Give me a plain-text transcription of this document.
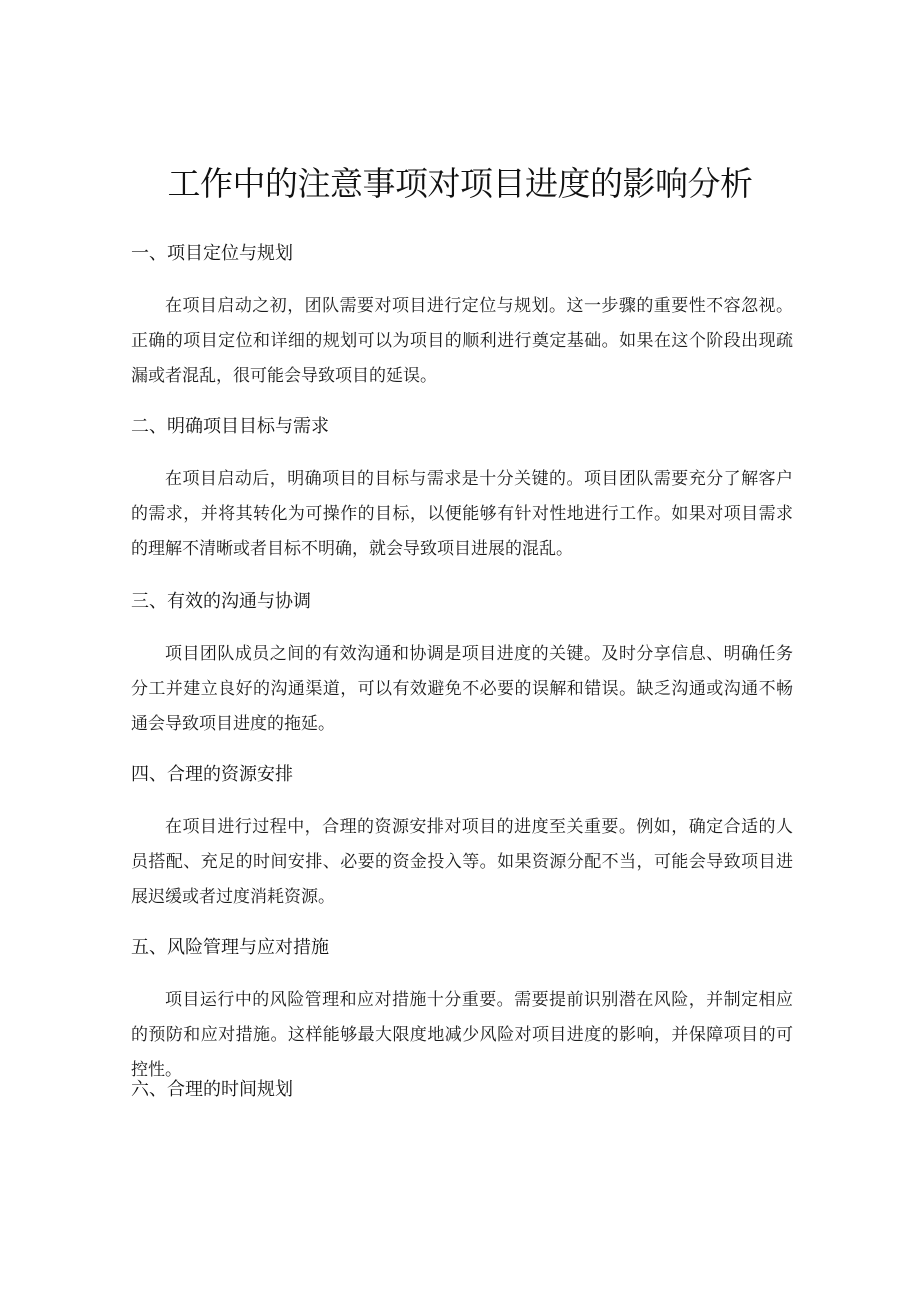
工作中的注意事项对项目进度的影响分析
一、项目定位与规划

在项目启动之初，团队需要对项目进行定位与规划。这一步骤的重要性不容忽视。正确的项目定位和详细的规划可以为项目的顺利进行奠定基础。如果在这个阶段出现疏漏或者混乱，很可能会导致项目的延误。

二、明确项目目标与需求

在项目启动后，明确项目的目标与需求是十分关键的。项目团队需要充分了解客户的需求，并将其转化为可操作的目标，以便能够有针对性地进行工作。如果对项目需求的理解不清晰或者目标不明确，就会导致项目进展的混乱。

三、有效的沟通与协调

项目团队成员之间的有效沟通和协调是项目进度的关键。及时分享信息、明确任务分工并建立良好的沟通渠道，可以有效避免不必要的误解和错误。缺乏沟通或沟通不畅通会导致项目进度的拖延。

四、合理的资源安排

在项目进行过程中，合理的资源安排对项目的进度至关重要。例如，确定合适的人员搭配、充足的时间安排、必要的资金投入等。如果资源分配不当，可能会导致项目进展迟缓或者过度消耗资源。

五、风险管理与应对措施

项目运行中的风险管理和应对措施十分重要。需要提前识别潜在风险，并制定相应的预防和应对措施。这样能够最大限度地减少风险对项目进度的影响，并保障项目的可控性。

六、合理的时间规划
